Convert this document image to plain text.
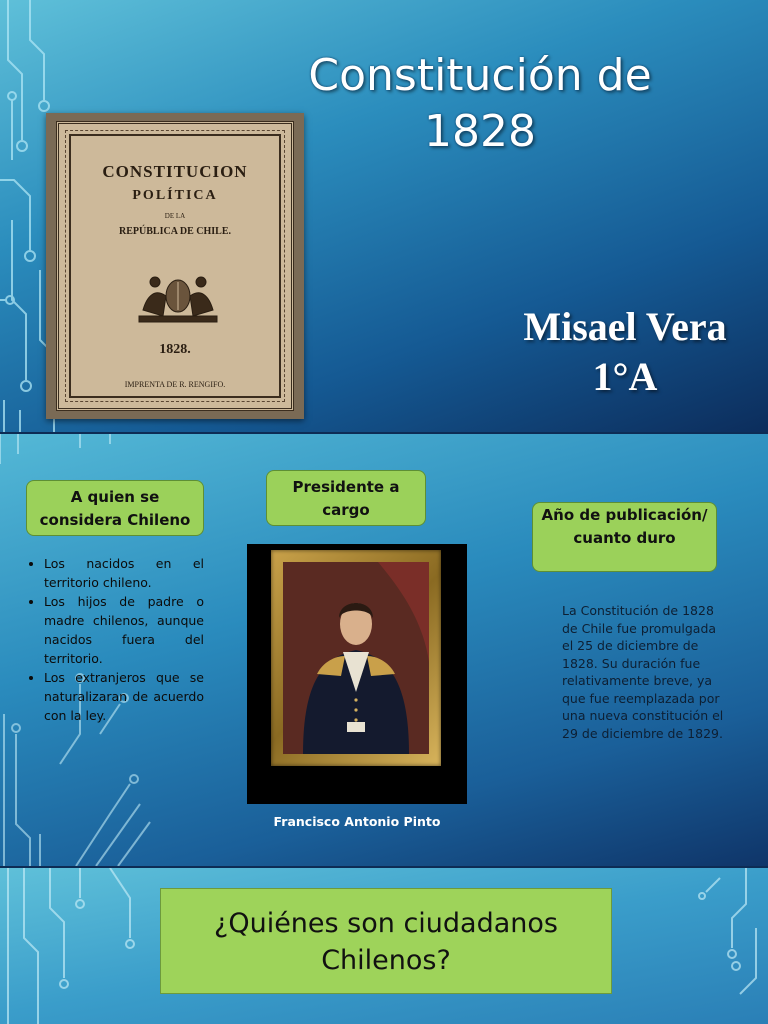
CONSTITUCION
POLÍTICA
DE LA
REPÚBLICA DE CHILE.
1828.
IMPRENTA DE R. RENGIFO.
Constitución de 1828
Misael Vera
1°A
A quien se considera Chileno
Presidente a cargo	Año de publicación/ cuanto duro
• Los nacidos en el territorio chileno.
• Los hijos de padre o madre chilenos, aunque nacidos fuera del territorio.
• Los extranjeros que se naturalizaran de acuerdo con la ley.
Francisco Antonio Pinto
La Constitución de 1828 de Chile fue promulgada el 25 de diciembre de 1828. Su duración fue relativamente breve, ya que fue reemplazada por una nueva constitución el 29 de diciembre de 1829.
¿Quiénes son ciudadanos Chilenos?
